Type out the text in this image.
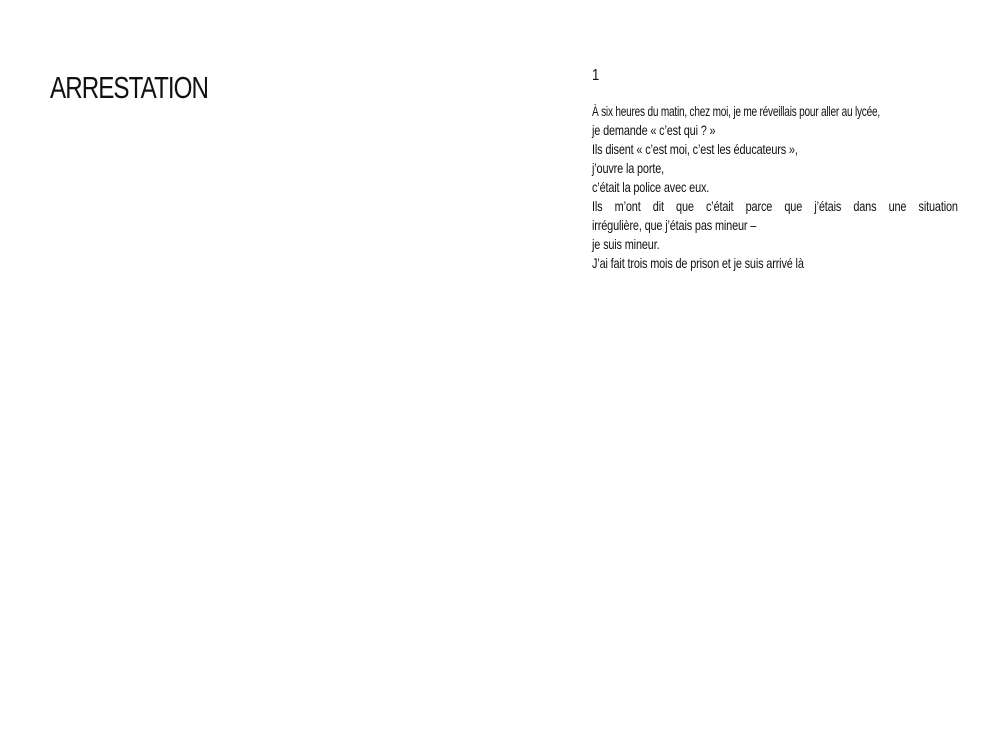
ARRESTATION	1
À six heures du matin, chez moi, je me réveillais pour aller au lycée,
je demande « c’est qui ? »
Ils disent « c’est moi, c’est les éducateurs »,
j’ouvre la porte,
c’était la police avec eux.
Ils m’ont dit que c’était parce que j’étais dans une situation
irrégulière, que j’étais pas mineur –
je suis mineur.
J’ai fait trois mois de prison et je suis arrivé là
